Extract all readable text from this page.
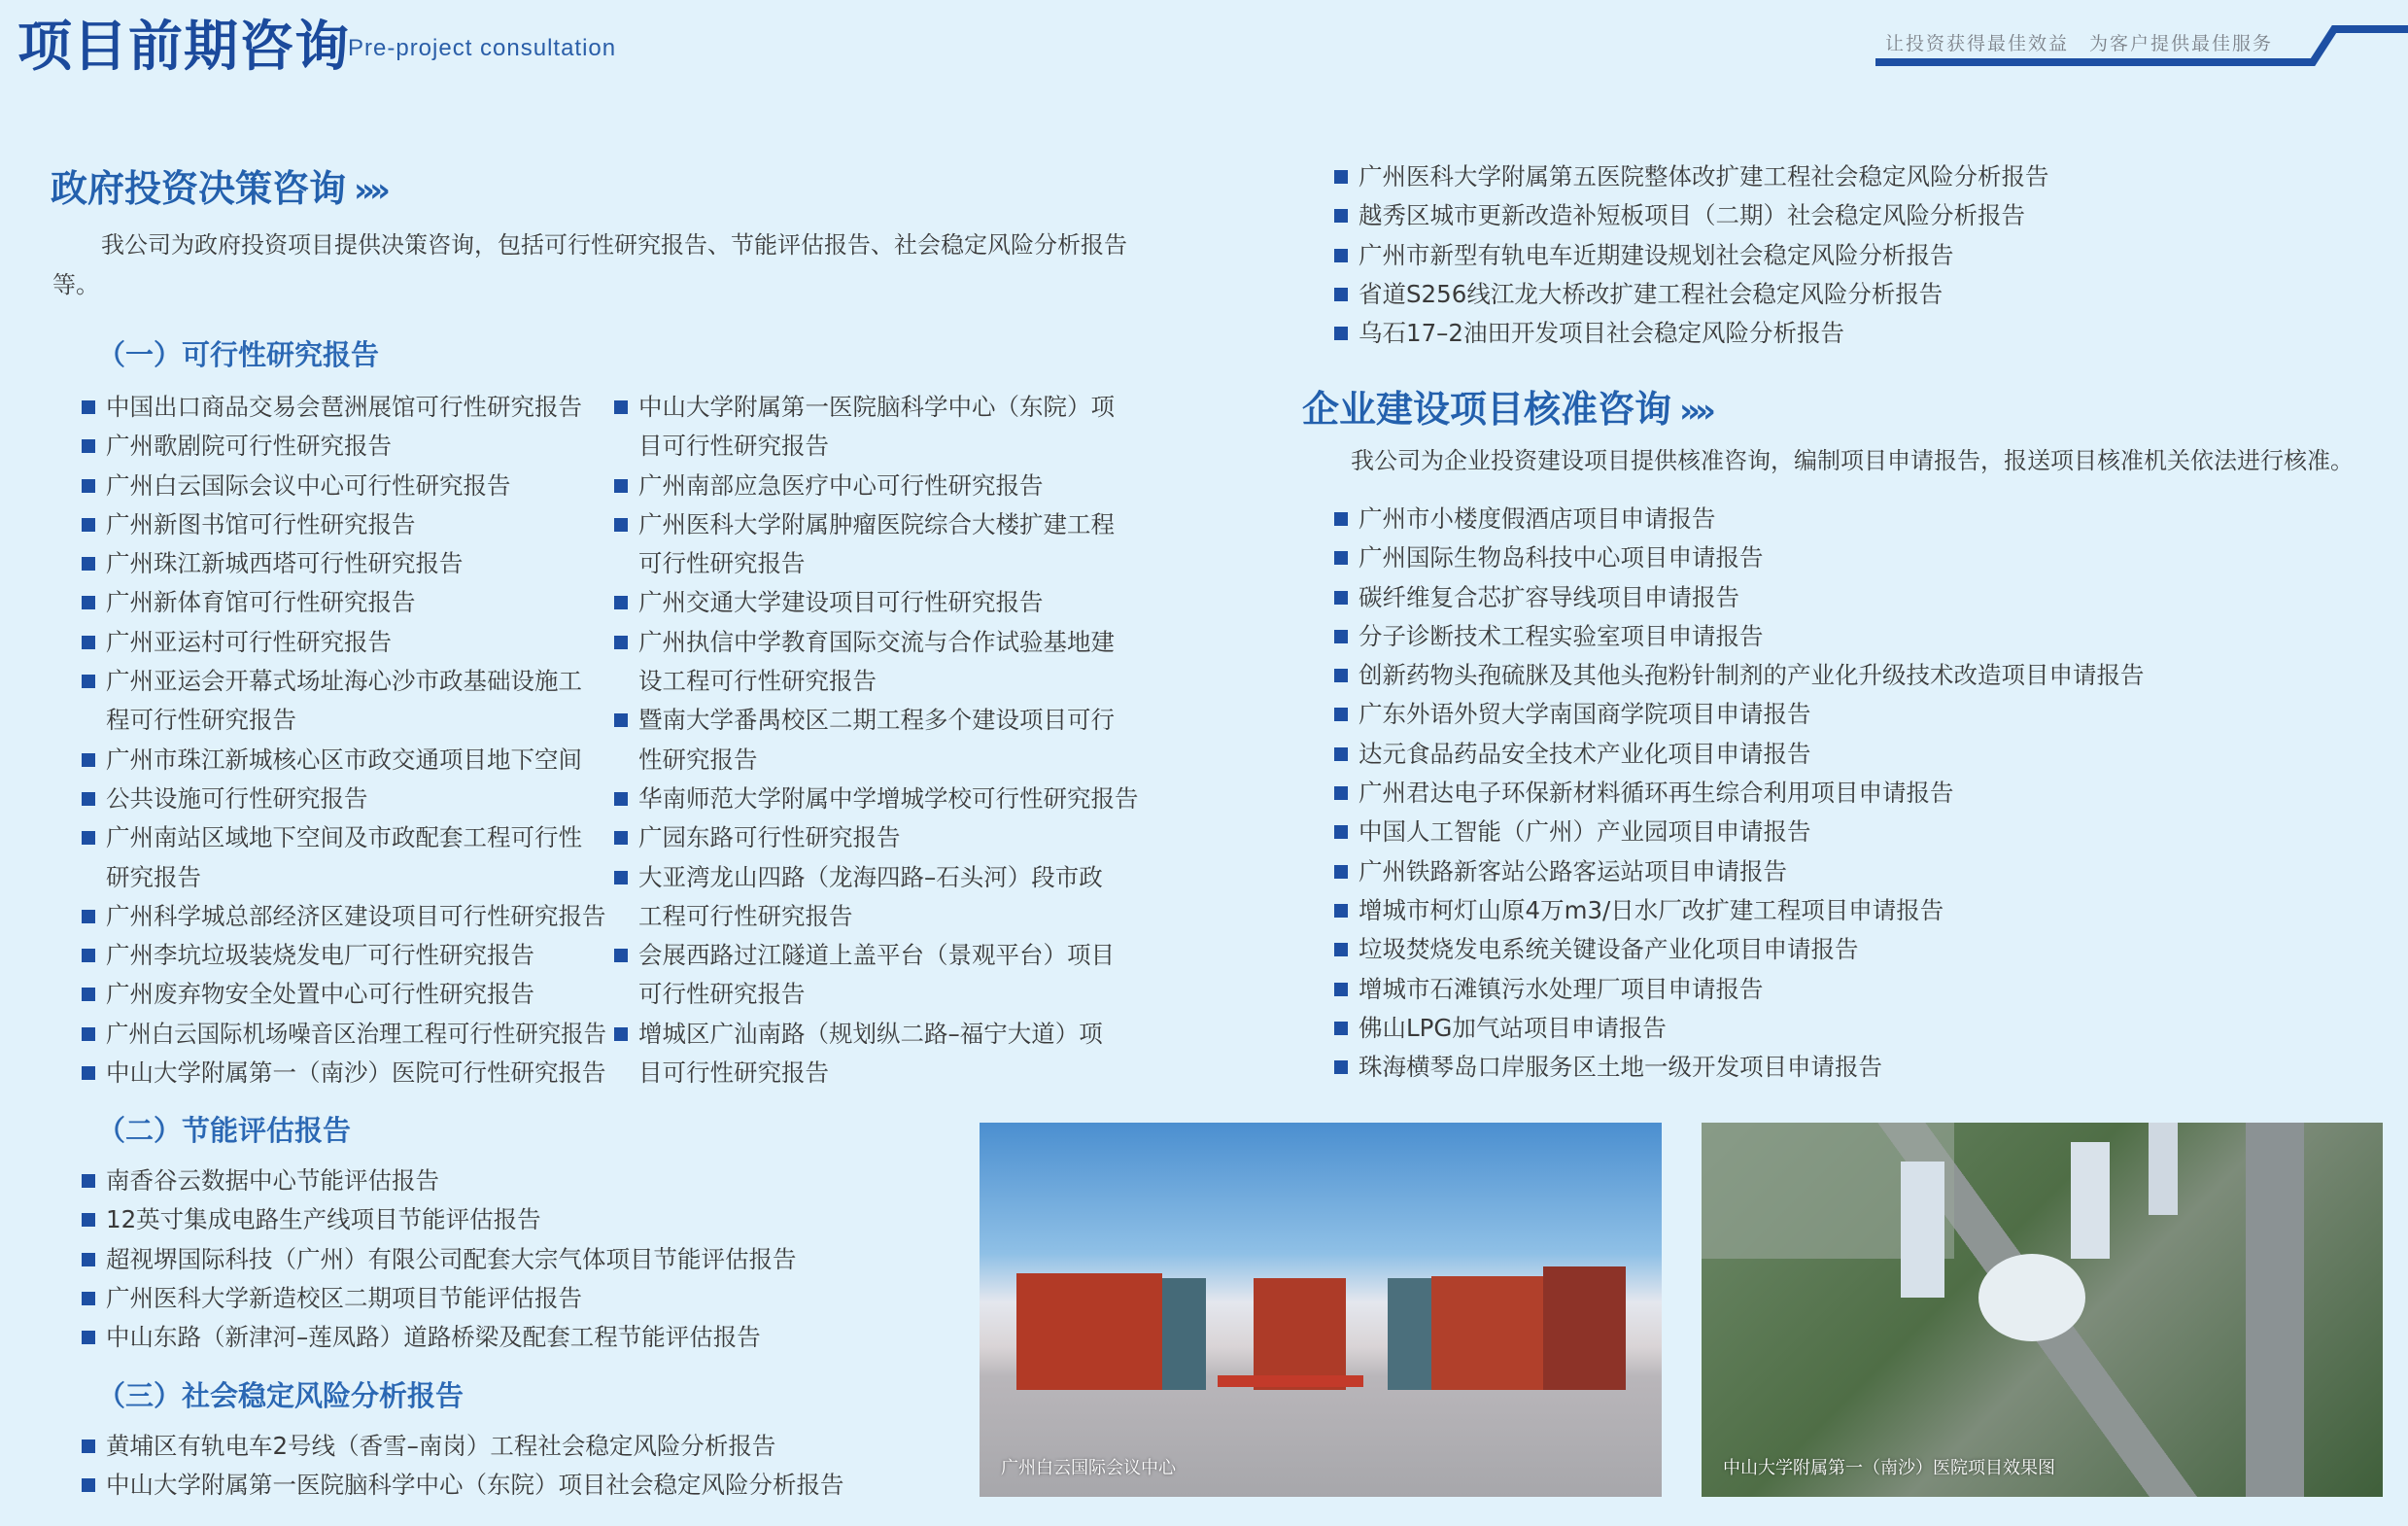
项目前期咨询
Pre-project consultation	让投资获得最佳效益　为客户提供最佳服务
政府投资决策咨询 »»
我公司为政府投资项目提供决策咨询，包括可行性研究报告、节能评估报告、社会稳定风险分析报告等。
（一）可行性研究报告
中国出口商品交易会琶洲展馆可行性研究报告
广州歌剧院可行性研究报告
广州白云国际会议中心可行性研究报告
广州新图书馆可行性研究报告
广州珠江新城西塔可行性研究报告
广州新体育馆可行性研究报告
广州亚运村可行性研究报告
广州亚运会开幕式场址海心沙市政基础设施工
程可行性研究报告
广州市珠江新城核心区市政交通项目地下空间
公共设施可行性研究报告
广州南站区域地下空间及市政配套工程可行性
研究报告
广州科学城总部经济区建设项目可行性研究报告
广州李坑垃圾装烧发电厂可行性研究报告
广州废弃物安全处置中心可行性研究报告
广州白云国际机场噪音区治理工程可行性研究报告
中山大学附属第一（南沙）医院可行性研究报告
中山大学附属第一医院脑科学中心（东院）项
目可行性研究报告
广州南部应急医疗中心可行性研究报告
广州医科大学附属肿瘤医院综合大楼扩建工程
可行性研究报告
广州交通大学建设项目可行性研究报告
广州执信中学教育国际交流与合作试验基地建
设工程可行性研究报告
暨南大学番禺校区二期工程多个建设项目可行
性研究报告
华南师范大学附属中学增城学校可行性研究报告
广园东路可行性研究报告
大亚湾龙山四路（龙海四路–石头河）段市政
工程可行性研究报告
会展西路过江隧道上盖平台（景观平台）项目
可行性研究报告
增城区广汕南路（规划纵二路–福宁大道）项
目可行性研究报告
（二）节能评估报告
南香谷云数据中心节能评估报告
12英寸集成电路生产线项目节能评估报告
超视堺国际科技（广州）有限公司配套大宗气体项目节能评估报告
广州医科大学新造校区二期项目节能评估报告
中山东路（新津河–莲凤路）道路桥梁及配套工程节能评估报告
（三）社会稳定风险分析报告
黄埔区有轨电车2号线（香雪–南岗）工程社会稳定风险分析报告
中山大学附属第一医院脑科学中心（东院）项目社会稳定风险分析报告
广州医科大学附属第五医院整体改扩建工程社会稳定风险分析报告
越秀区城市更新改造补短板项目（二期）社会稳定风险分析报告
广州市新型有轨电车近期建设规划社会稳定风险分析报告
省道S256线江龙大桥改扩建工程社会稳定风险分析报告
乌石17–2油田开发项目社会稳定风险分析报告
企业建设项目核准咨询 »»
我公司为企业投资建设项目提供核准咨询，编制项目申请报告，报送项目核准机关依法进行核准。
广州市小楼度假酒店项目申请报告
广州国际生物岛科技中心项目申请报告
碳纤维复合芯扩容导线项目申请报告
分子诊断技术工程实验室项目申请报告
创新药物头孢硫脒及其他头孢粉针制剂的产业化升级技术改造项目申请报告
广东外语外贸大学南国商学院项目申请报告
达元食品药品安全技术产业化项目申请报告
广州君达电子环保新材料循环再生综合利用项目申请报告
中国人工智能（广州）产业园项目申请报告
广州铁路新客站公路客运站项目申请报告
增城市柯灯山原4万m3/日水厂改扩建工程项目申请报告
垃圾焚烧发电系统关键设备产业化项目申请报告
增城市石滩镇污水处理厂项目申请报告
佛山LPG加气站项目申请报告
珠海横琴岛口岸服务区土地一级开发项目申请报告
广州白云国际会议中心	中山大学附属第一（南沙）医院项目效果图
